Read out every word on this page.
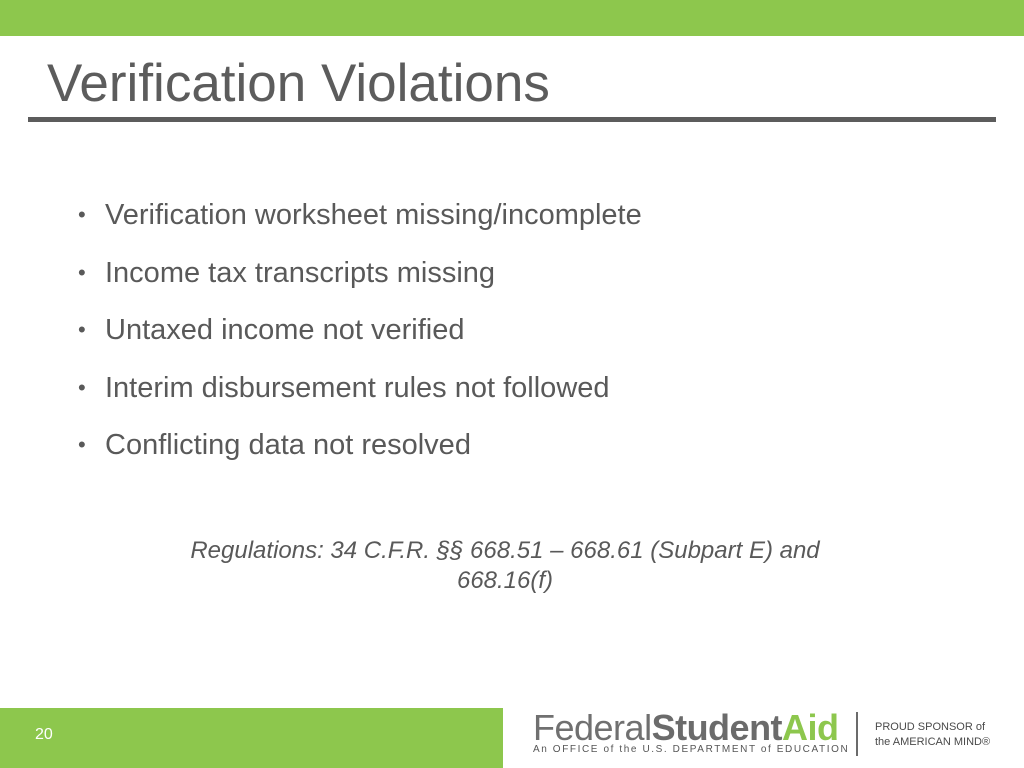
Verification Violations
• Verification worksheet missing/incomplete
• Income tax transcripts missing
• Untaxed income not verified
• Interim disbursement rules not followed
• Conflicting data not resolved

Regulations: 34 C.F.R. §§ 668.51 – 668.61 (Subpart E) and
668.16(f)

20	FederalStudentAid
An OFFICE of the U.S. DEPARTMENT of EDUCATION
PROUD SPONSOR of
the AMERICAN MIND®
